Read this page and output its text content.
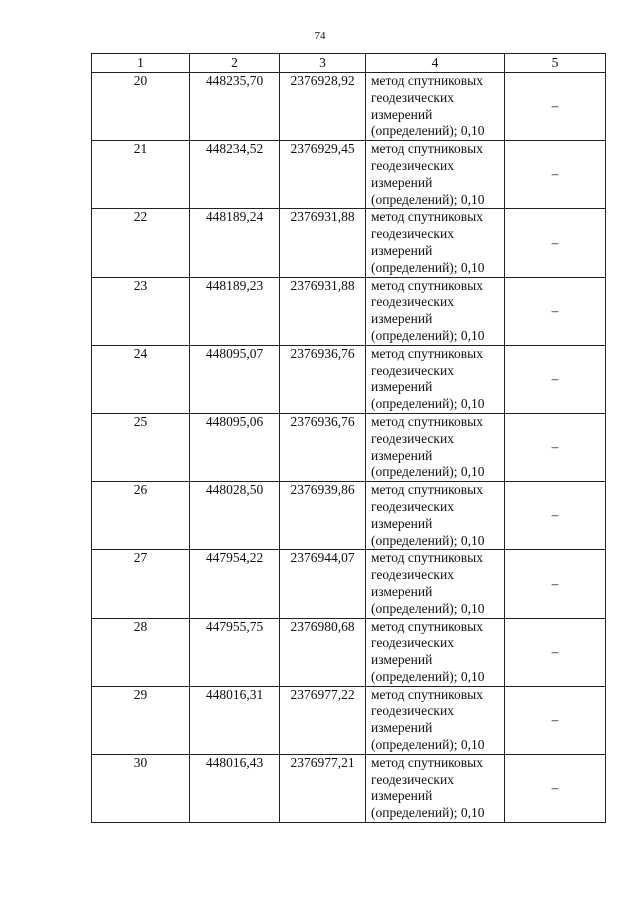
74
1	2	3	4	5
20	448235,70	2376928,92	метод спутниковых
геодезических
измерений
(определений); 0,10	–
21	448234,52	2376929,45	метод спутниковых
геодезических
измерений
(определений); 0,10	–
22	448189,24	2376931,88	метод спутниковых
геодезических
измерений
(определений); 0,10	–
23	448189,23	2376931,88	метод спутниковых
геодезических
измерений
(определений); 0,10	–
24	448095,07	2376936,76	метод спутниковых
геодезических
измерений
(определений); 0,10	–
25	448095,06	2376936,76	метод спутниковых
геодезических
измерений
(определений); 0,10	–
26	448028,50	2376939,86	метод спутниковых
геодезических
измерений
(определений); 0,10	–
27	447954,22	2376944,07	метод спутниковых
геодезических
измерений
(определений); 0,10	–
28	447955,75	2376980,68	метод спутниковых
геодезических
измерений
(определений); 0,10	–
29	448016,31	2376977,22	метод спутниковых
геодезических
измерений
(определений); 0,10	–
30	448016,43	2376977,21	метод спутниковых
геодезических
измерений
(определений); 0,10	–
